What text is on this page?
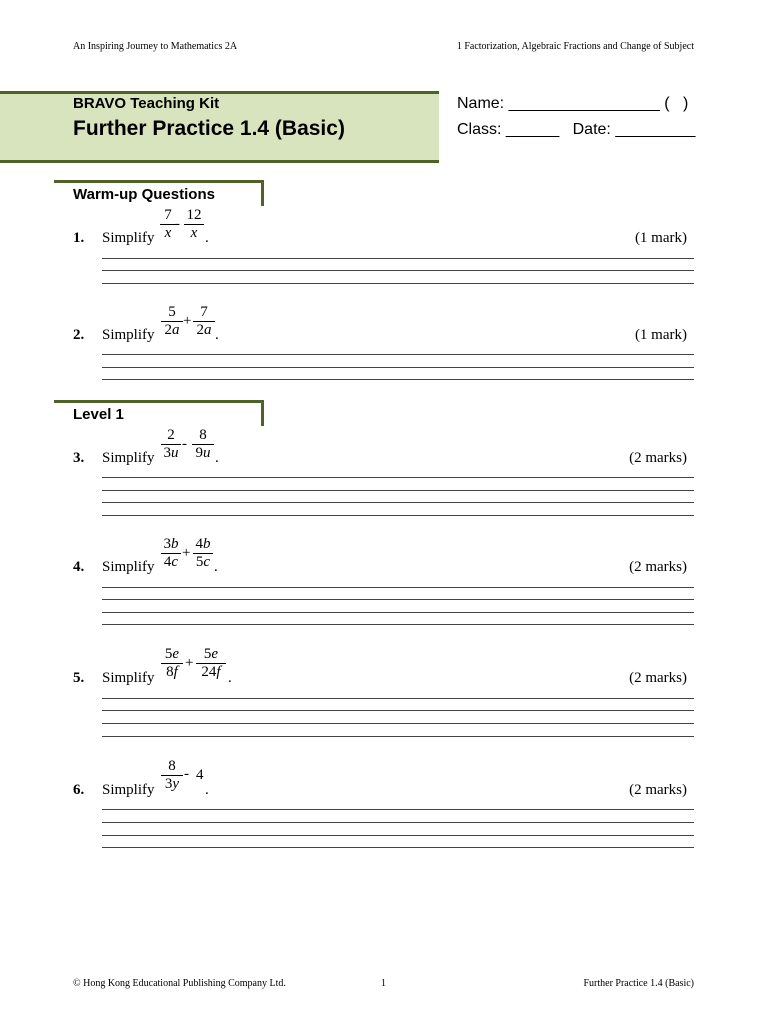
An Inspiring Journey to Mathematics 2A	1 Factorization, Algebraic Fractions and Change of Subject
BRAVO Teaching Kit
Further Practice 1.4 (Basic)
Name: _________________ (   )
Class: ______   Date: _________
Warm-up Questions
1. Simplify
7
x
-
12
x .	(1 mark)
2. Simplify
5
2a
+
7
2a .	(1 mark)
Level 1
3. Simplify
2
3u
-
8
9u .	(2 marks)
4. Simplify
3b
4c
+
4b
5c .	(2 marks)
5. Simplify
5e
8f
+
5e
24f .	(2 marks)
6. Simplify
8
3y
- 4
.	(2 marks)
© Hong Kong Educational Publishing Company Ltd.	1	Further Practice 1.4 (Basic)
